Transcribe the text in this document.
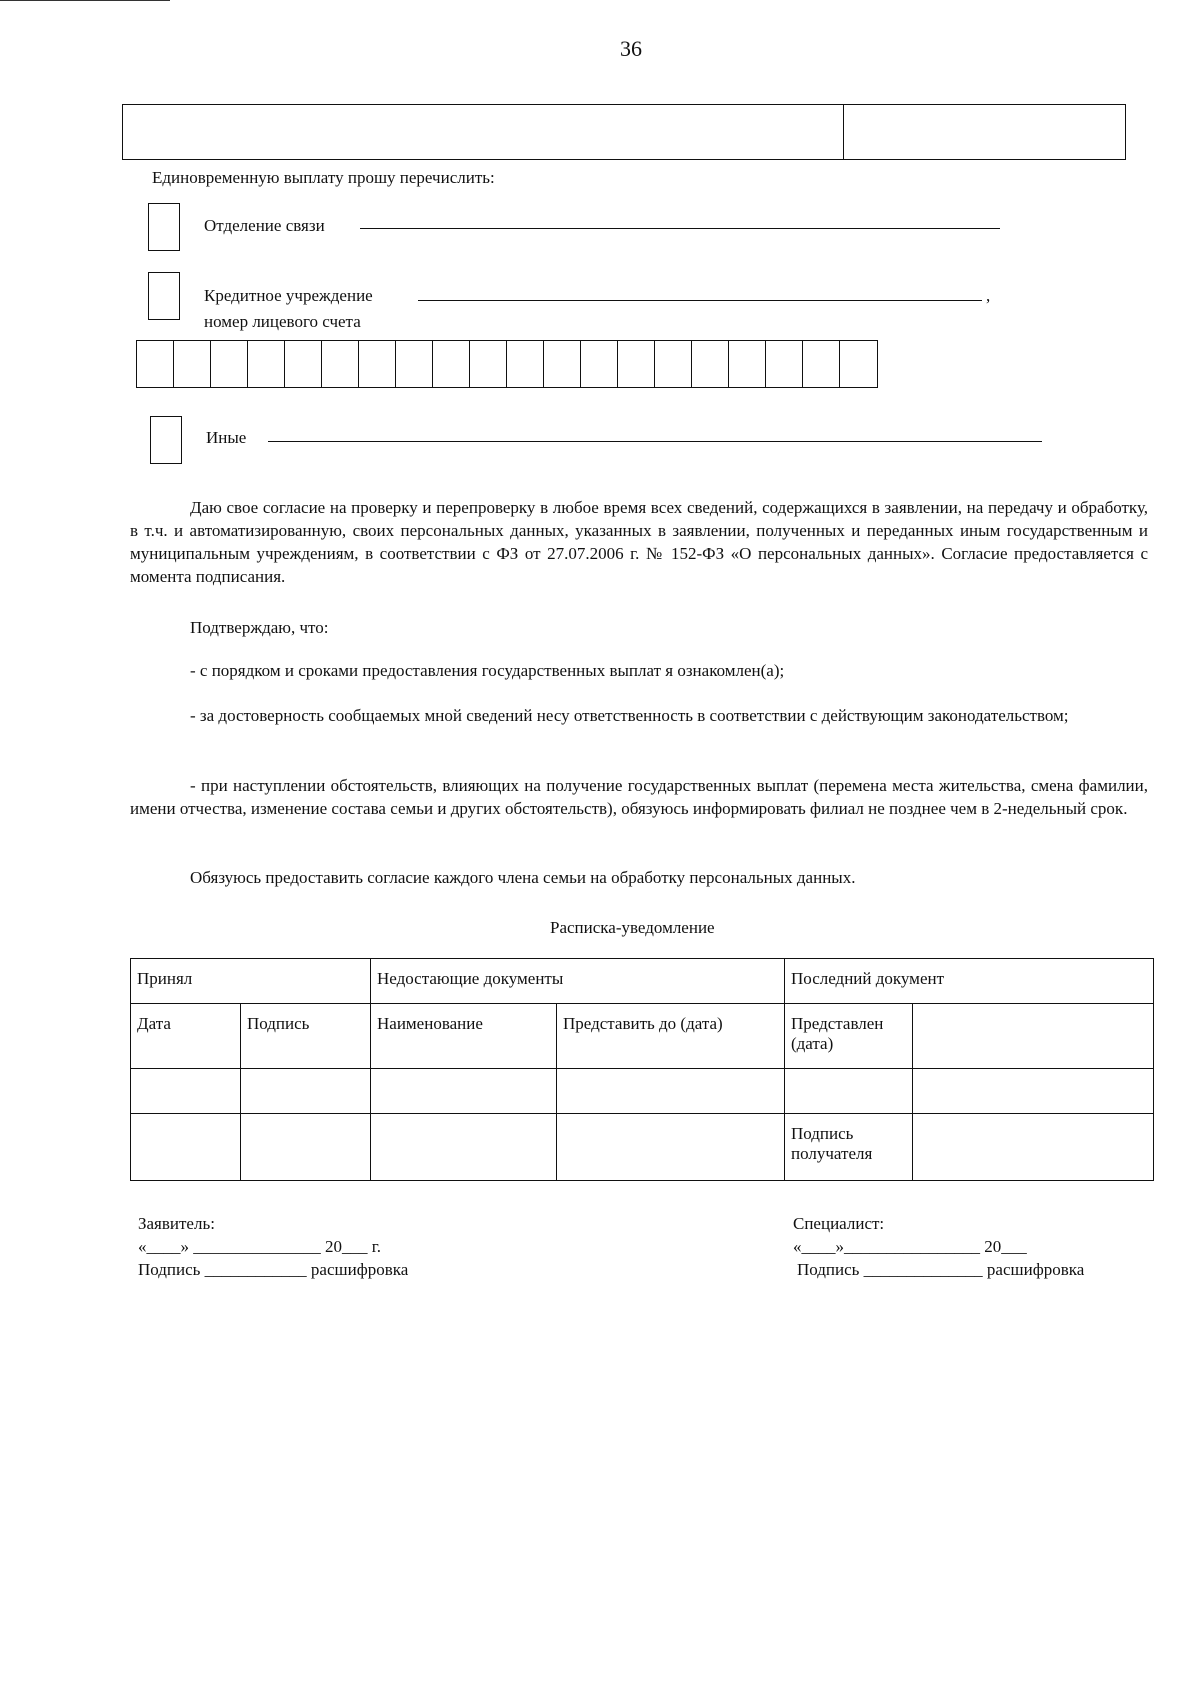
36
Единовременную выплату прошу перечислить:
Отделение связи
Кредитное учреждение	,
номер лицевого счета
Иные
Даю свое согласие на проверку и перепроверку в любое время всех сведений, содержащихся в заявлении, на передачу и обработку, в т.ч. и автоматизированную, своих персональных данных, указанных в заявлении, полученных и переданных иным государственным и муниципальным учреждениям, в соответствии с ФЗ от 27.07.2006 г. № 152-ФЗ «О персональных данных». Согласие предоставляется с момента подписания.
Подтверждаю, что:
- с порядком и сроками предоставления государственных выплат я ознакомлен(а);
- за достоверность сообщаемых мной сведений несу ответственность в соответствии с действующим законодательством;
- при наступлении обстоятельств, влияющих на получение государственных выплат (перемена места жительства, смена фамилии, имени отчества, изменение состава семьи и других обстоятельств), обязуюсь информировать филиал не позднее чем в 2-недельный срок.
Обязуюсь предоставить согласие каждого члена семьи на обработку персональных данных.
Расписка-уведомление
Принял		Недостающие документы		Последний документ	
Дата	Подпись	Наименование	Представить до (дата)	Представлен (дата)	

				Подпись получателя	
Заявитель:
«____» _______________ 20___ г.
Подпись ____________ расшифровка
Специалист:
«____»________________ 20___
Подпись ______________ расшифровка
